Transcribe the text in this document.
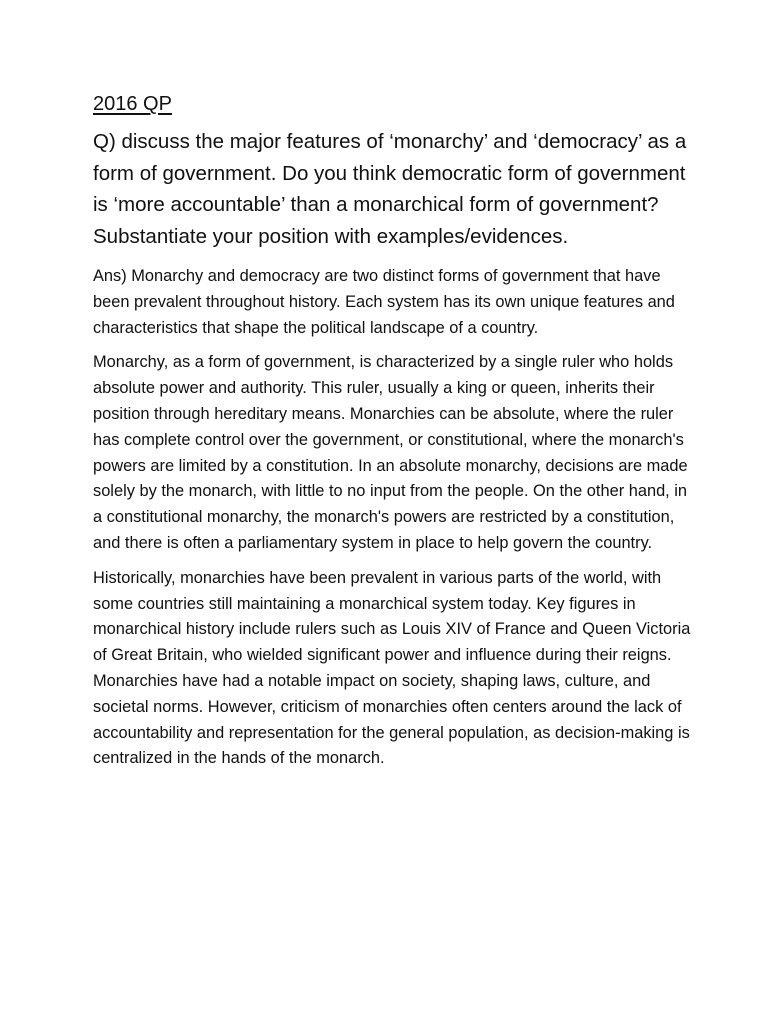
2016 QP
Q) discuss the major features of ‘monarchy’ and ‘democracy’ as a form of government. Do you think democratic form of government is ‘more accountable’ than a monarchical form of government? Substantiate your position with examples/evidences.

Ans) Monarchy and democracy are two distinct forms of government that have been prevalent throughout history. Each system has its own unique features and characteristics that shape the political landscape of a country.

Monarchy, as a form of government, is characterized by a single ruler who holds absolute power and authority. This ruler, usually a king or queen, inherits their position through hereditary means. Monarchies can be absolute, where the ruler has complete control over the government, or constitutional, where the monarch's powers are limited by a constitution. In an absolute monarchy, decisions are made solely by the monarch, with little to no input from the people. On the other hand, in a constitutional monarchy, the monarch's powers are restricted by a constitution, and there is often a parliamentary system in place to help govern the country.

Historically, monarchies have been prevalent in various parts of the world, with some countries still maintaining a monarchical system today. Key figures in monarchical history include rulers such as Louis XIV of France and Queen Victoria of Great Britain, who wielded significant power and influence during their reigns. Monarchies have had a notable impact on society, shaping laws, culture, and societal norms. However, criticism of monarchies often centers around the lack of accountability and representation for the general population, as decision-making is centralized in the hands of the monarch.
